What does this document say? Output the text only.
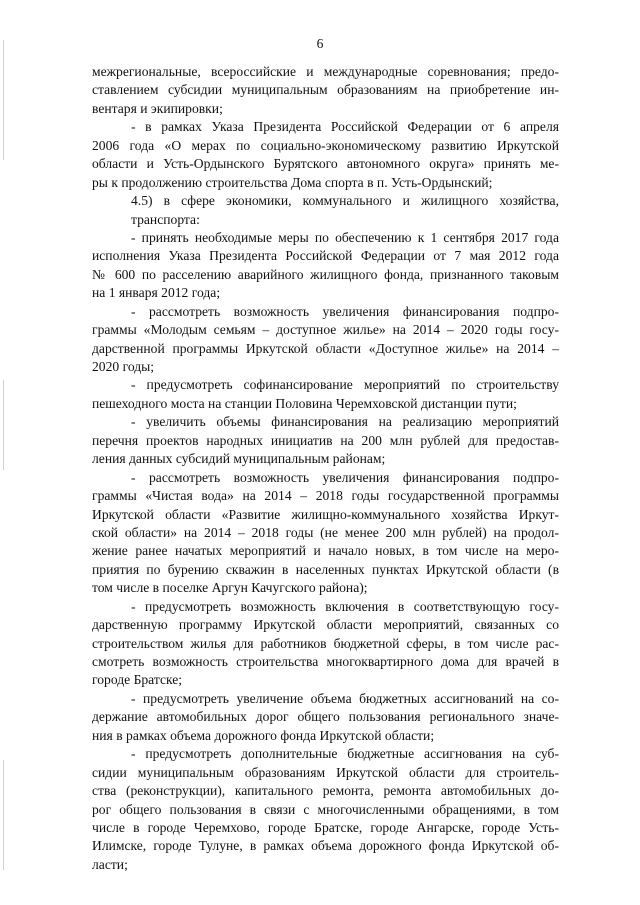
6
межрегиональные, всероссийские и международные соревнования; предо-
ставлением субсидии муниципальным образованиям на приобретение ин-
вентаря и экипировки;
- в рамках Указа Президента Российской Федерации от 6 апреля
2006 года «О мерах по социально-экономическому развитию Иркутской
области и Усть-Ордынского Бурятского автономного округа» принять ме-
ры к продолжению строительства Дома спорта в п. Усть-Ордынский;
4.5) в сфере экономики, коммунального и жилищного хозяйства,
транспорта:
- принять необходимые меры по обеспечению к 1 сентября 2017 года
исполнения Указа Президента Российской Федерации от 7 мая 2012 года
№ 600 по расселению аварийного жилищного фонда, признанного таковым
на 1 января 2012 года;
- рассмотреть возможность увеличения финансирования подпро-
граммы «Молодым семьям – доступное жилье» на 2014 – 2020 годы госу-
дарственной программы Иркутской области «Доступное жилье» на 2014 –
2020 годы;
- предусмотреть софинансирование мероприятий по строительству
пешеходного моста на станции Половина Черемховской дистанции пути;
- увеличить объемы финансирования на реализацию мероприятий
перечня проектов народных инициатив на 200 млн рублей для предостав-
ления данных субсидий муниципальным районам;
- рассмотреть возможность увеличения финансирования подпро-
граммы «Чистая вода» на 2014 – 2018 годы государственной программы
Иркутской области «Развитие жилищно-коммунального хозяйства Иркут-
ской области» на 2014 – 2018 годы (не менее 200 млн рублей) на продол-
жение ранее начатых мероприятий и начало новых, в том числе на меро-
приятия по бурению скважин в населенных пунктах Иркутской области (в
том числе в поселке Аргун Качугского района);
- предусмотреть возможность включения в соответствующую госу-
дарственную программу Иркутской области мероприятий, связанных со
строительством жилья для работников бюджетной сферы, в том числе рас-
смотреть возможность строительства многоквартирного дома для врачей в
городе Братске;
- предусмотреть увеличение объема бюджетных ассигнований на со-
держание автомобильных дорог общего пользования регионального значе-
ния в рамках объема дорожного фонда Иркутской области;
- предусмотреть дополнительные бюджетные ассигнования на суб-
сидии муниципальным образованиям Иркутской области для строитель-
ства (реконструкции), капитального ремонта, ремонта автомобильных до-
рог общего пользования в связи с многочисленными обращениями, в том
числе в городе Черемхово, городе Братске, городе Ангарске, городе Усть-
Илимске, городе Тулуне, в рамках объема дорожного фонда Иркутской об-
ласти;
